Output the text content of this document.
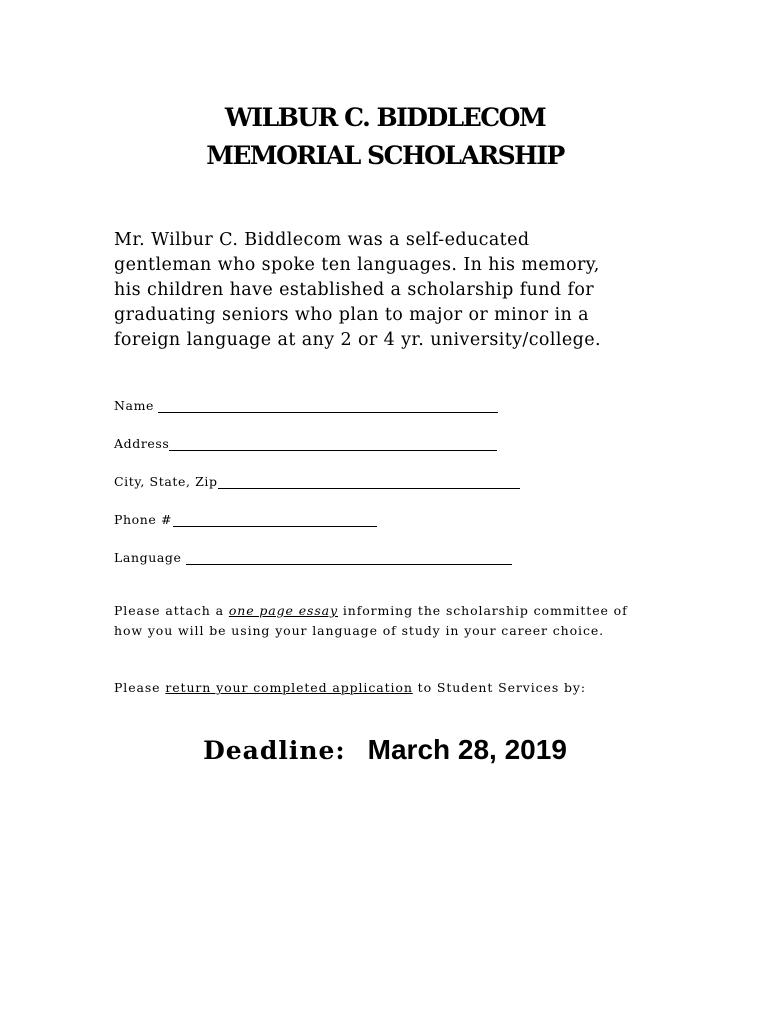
WILBUR C. BIDDLECOM
MEMORIAL SCHOLARSHIP
Mr. Wilbur C. Biddlecom was a self-educated
gentleman who spoke ten languages. In his memory,
his children have established a scholarship fund for
graduating seniors who plan to major or minor in a
foreign language at any 2 or 4 yr. university/college.
Name
Address
City, State, Zip
Phone #
Language
Please attach a one page essay informing the scholarship committee of
how you will be using your language of study in your career choice.
Please return your completed application to Student Services by:
Deadline: March 28, 2019
